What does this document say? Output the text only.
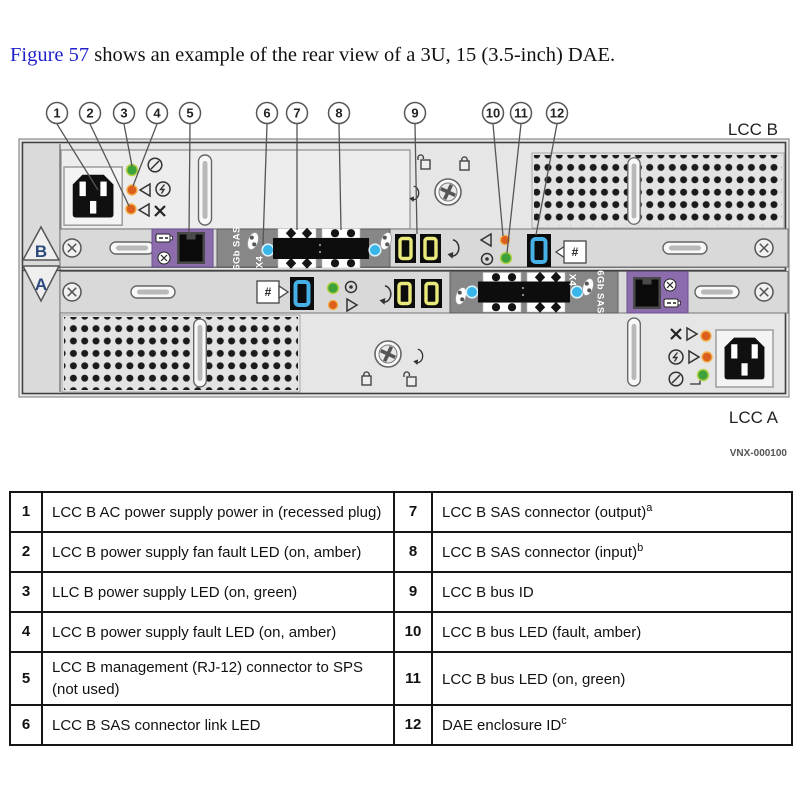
Figure 57 shows an example of the rear view of a 3U, 15 (3.5-inch) DAE.
B
A
6Gb SAS X4
#
#
X4 6Gb SAS
1 2 3 4 5	6 7	8	9	10 11 12
LCC B
LCC A
VNX-000100
1	LCC B AC power supply power in (recessed plug)	7	LCC B SAS connector (output)$^a$
2	LCC B power supply fan fault LED (on, amber)	8	LCC B SAS connector (input)$^b$
3	LLC B power supply LED (on, green)	9	LCC B bus ID
4	LCC B power supply fault LED (on, amber)	10	LCC B bus LED (fault, amber)
5	LCC B management (RJ-12) connector to SPS (not used)	11	LCC B bus LED (on, green)
6	LCC B SAS connector link LED	12	DAE enclosure $ID^c$
